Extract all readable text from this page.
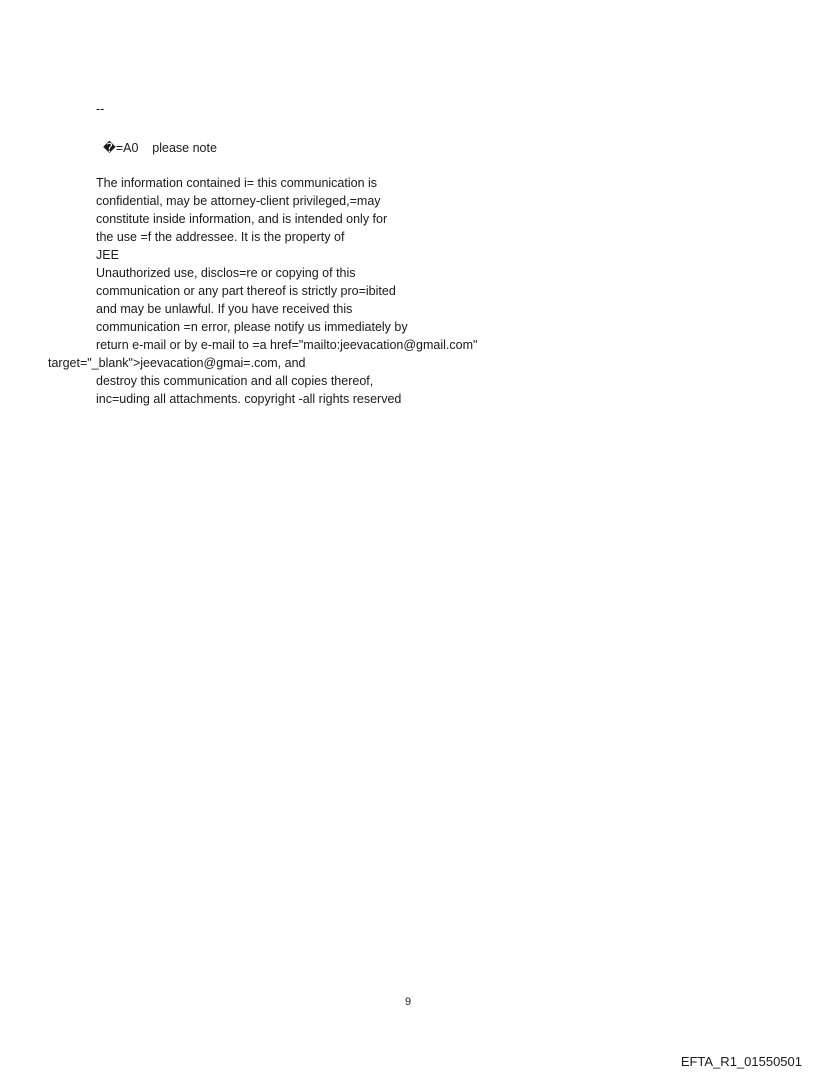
--
�=A0    please note
The information contained i= this communication is
confidential, may be attorney-client privileged,=may
constitute inside information, and is intended only for
the use =f the addressee. It is the property of
JEE
Unauthorized use, disclos=re or copying of this
communication or any part thereof is strictly pro=ibited
and may be unlawful. If you have received this
communication =n error, please notify us immediately by
return e-mail or by e-mail to =a href="mailto:jeevacation@gmail.com"
target="_blank">jeevacation@gmai=.com, and
destroy this communication and all copies thereof,
inc=uding all attachments. copyright -all rights reserved
9
EFTA_R1_01550501
